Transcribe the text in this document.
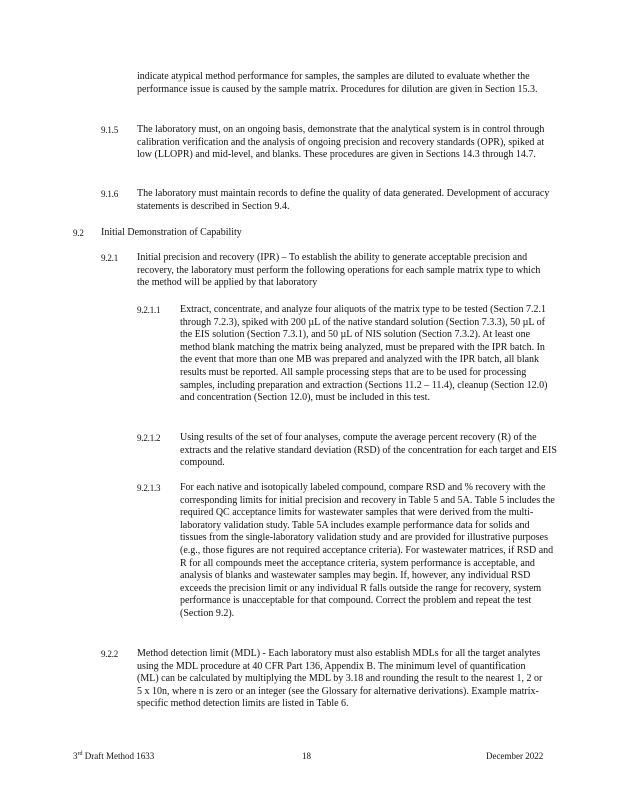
indicate atypical method performance for samples, the samples are diluted to evaluate whether the performance issue is caused by the sample matrix. Procedures for dilution are given in Section 15.3.

9.1.5 The laboratory must, on an ongoing basis, demonstrate that the analytical system is in control through calibration verification and the analysis of ongoing precision and recovery standards (OPR), spiked at low (LLOPR) and mid-level, and blanks. These procedures are given in Sections 14.3 through 14.7.

9.1.6 The laboratory must maintain records to define the quality of data generated. Development of accuracy statements is described in Section 9.4.

9.2 Initial Demonstration of Capability

9.2.1 Initial precision and recovery (IPR) – To establish the ability to generate acceptable precision and recovery, the laboratory must perform the following operations for each sample matrix type to which the method will be applied by that laboratory

9.2.1.1 Extract, concentrate, and analyze four aliquots of the matrix type to be tested (Section 7.2.1 through 7.2.3), spiked with 200 µL of the native standard solution (Section 7.3.3), 50 µL of the EIS solution (Section 7.3.1), and 50 µL of NIS solution (Section 7.3.2). At least one method blank matching the matrix being analyzed, must be prepared with the IPR batch. In the event that more than one MB was prepared and analyzed with the IPR batch, all blank results must be reported. All sample processing steps that are to be used for processing samples, including preparation and extraction (Sections 11.2 – 11.4), cleanup (Section 12.0) and concentration (Section 12.0), must be included in this test.

9.2.1.2 Using results of the set of four analyses, compute the average percent recovery (R) of the extracts and the relative standard deviation (RSD) of the concentration for each target and EIS compound.

9.2.1.3 For each native and isotopically labeled compound, compare RSD and % recovery with the corresponding limits for initial precision and recovery in Table 5 and 5A. Table 5 includes the required QC acceptance limits for wastewater samples that were derived from the multi-laboratory validation study. Table 5A includes example performance data for solids and tissues from the single-laboratory validation study and are provided for illustrative purposes (e.g., those figures are not required acceptance criteria). For wastewater matrices, if RSD and R for all compounds meet the acceptance criteria, system performance is acceptable, and analysis of blanks and wastewater samples may begin. If, however, any individual RSD exceeds the precision limit or any individual R falls outside the range for recovery, system performance is unacceptable for that compound. Correct the problem and repeat the test (Section 9.2).

9.2.2 Method detection limit (MDL) - Each laboratory must also establish MDLs for all the target analytes using the MDL procedure at 40 CFR Part 136, Appendix B. The minimum level of quantification (ML) can be calculated by multiplying the MDL by 3.18 and rounding the result to the nearest 1, 2 or 5 x 10n, where n is zero or an integer (see the Glossary for alternative derivations). Example matrix-specific method detection limits are listed in Table 6.

3rd Draft Method 1633	18	December 2022
